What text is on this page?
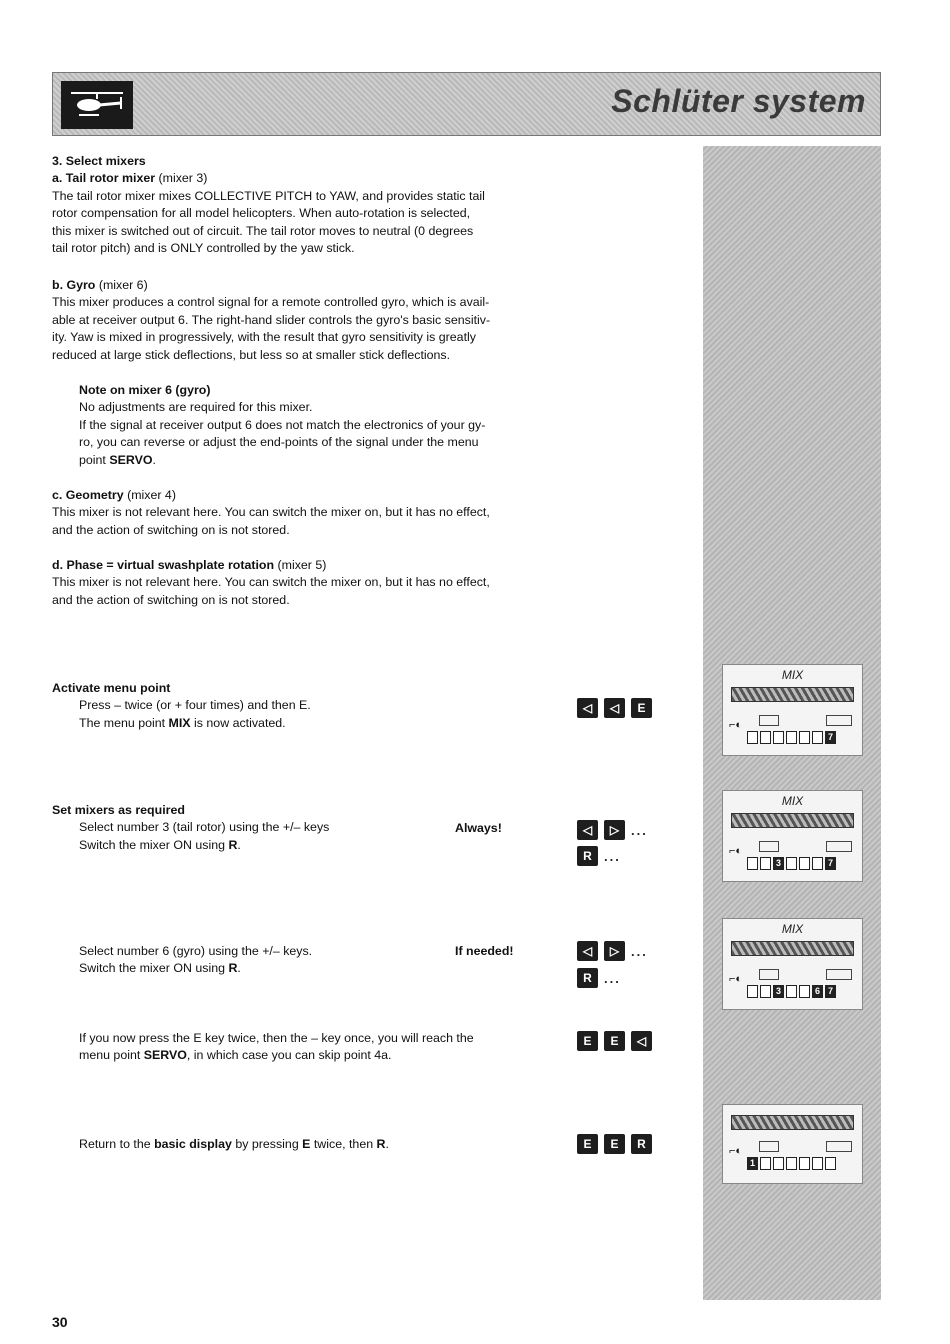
Schlüter system

3. Select mixers

a. Tail rotor mixer (mixer 3)

The tail rotor mixer mixes COLLECTIVE PITCH to YAW, and provides static tail

rotor compensation for all model helicopters. When auto-rotation is selected,

this mixer is switched out of circuit. The tail rotor moves to neutral (0 degrees

tail rotor pitch) and is ONLY controlled by the yaw stick.

b. Gyro (mixer 6)

This mixer produces a control signal for a remote controlled gyro, which is avail-

able at receiver output 6. The right-hand slider controls the gyro's basic sensitiv-

ity. Yaw is mixed in progressively, with the result that gyro sensitivity is greatly

reduced at large stick deflections, but less so at smaller stick deflections.

Note on mixer 6 (gyro)

No adjustments are required for this mixer.

If the signal at receiver output 6 does not match the electronics of your gy-

ro, you can reverse or adjust the end-points of the signal under the menu

point SERVO.

c. Geometry (mixer 4)

This mixer is not relevant here. You can switch the mixer on, but it has no effect,

and the action of switching on is not stored.

d. Phase = virtual swashplate rotation (mixer 5)

This mixer is not relevant here. You can switch the mixer on, but it has no effect,

and the action of switching on is not stored.

Activate menu point

Press – twice (or + four times) and then E.

The menu point MIX is now activated.

◁	◁	E

Set mixers as required

Select number 3 (tail rotor) using the +/– keys

Switch the mixer ON using R.

Always!	◁	▷ ...
R ...

Select number 6 (gyro) using the +/– keys.

Switch the mixer ON using R.

If needed!	◁	▷ ...
R ...

If you now press the E key twice, then the – key once, you will reach the

menu point SERVO, in which case you can skip point 4a.

E	E	◁

Return to the basic display by pressing E twice, then R.	E	E	R
MIX
⌐◐
7
MIX
⌐◐
3	7
MIX
⌐◐
3	6 7
⌐◐
1
30
